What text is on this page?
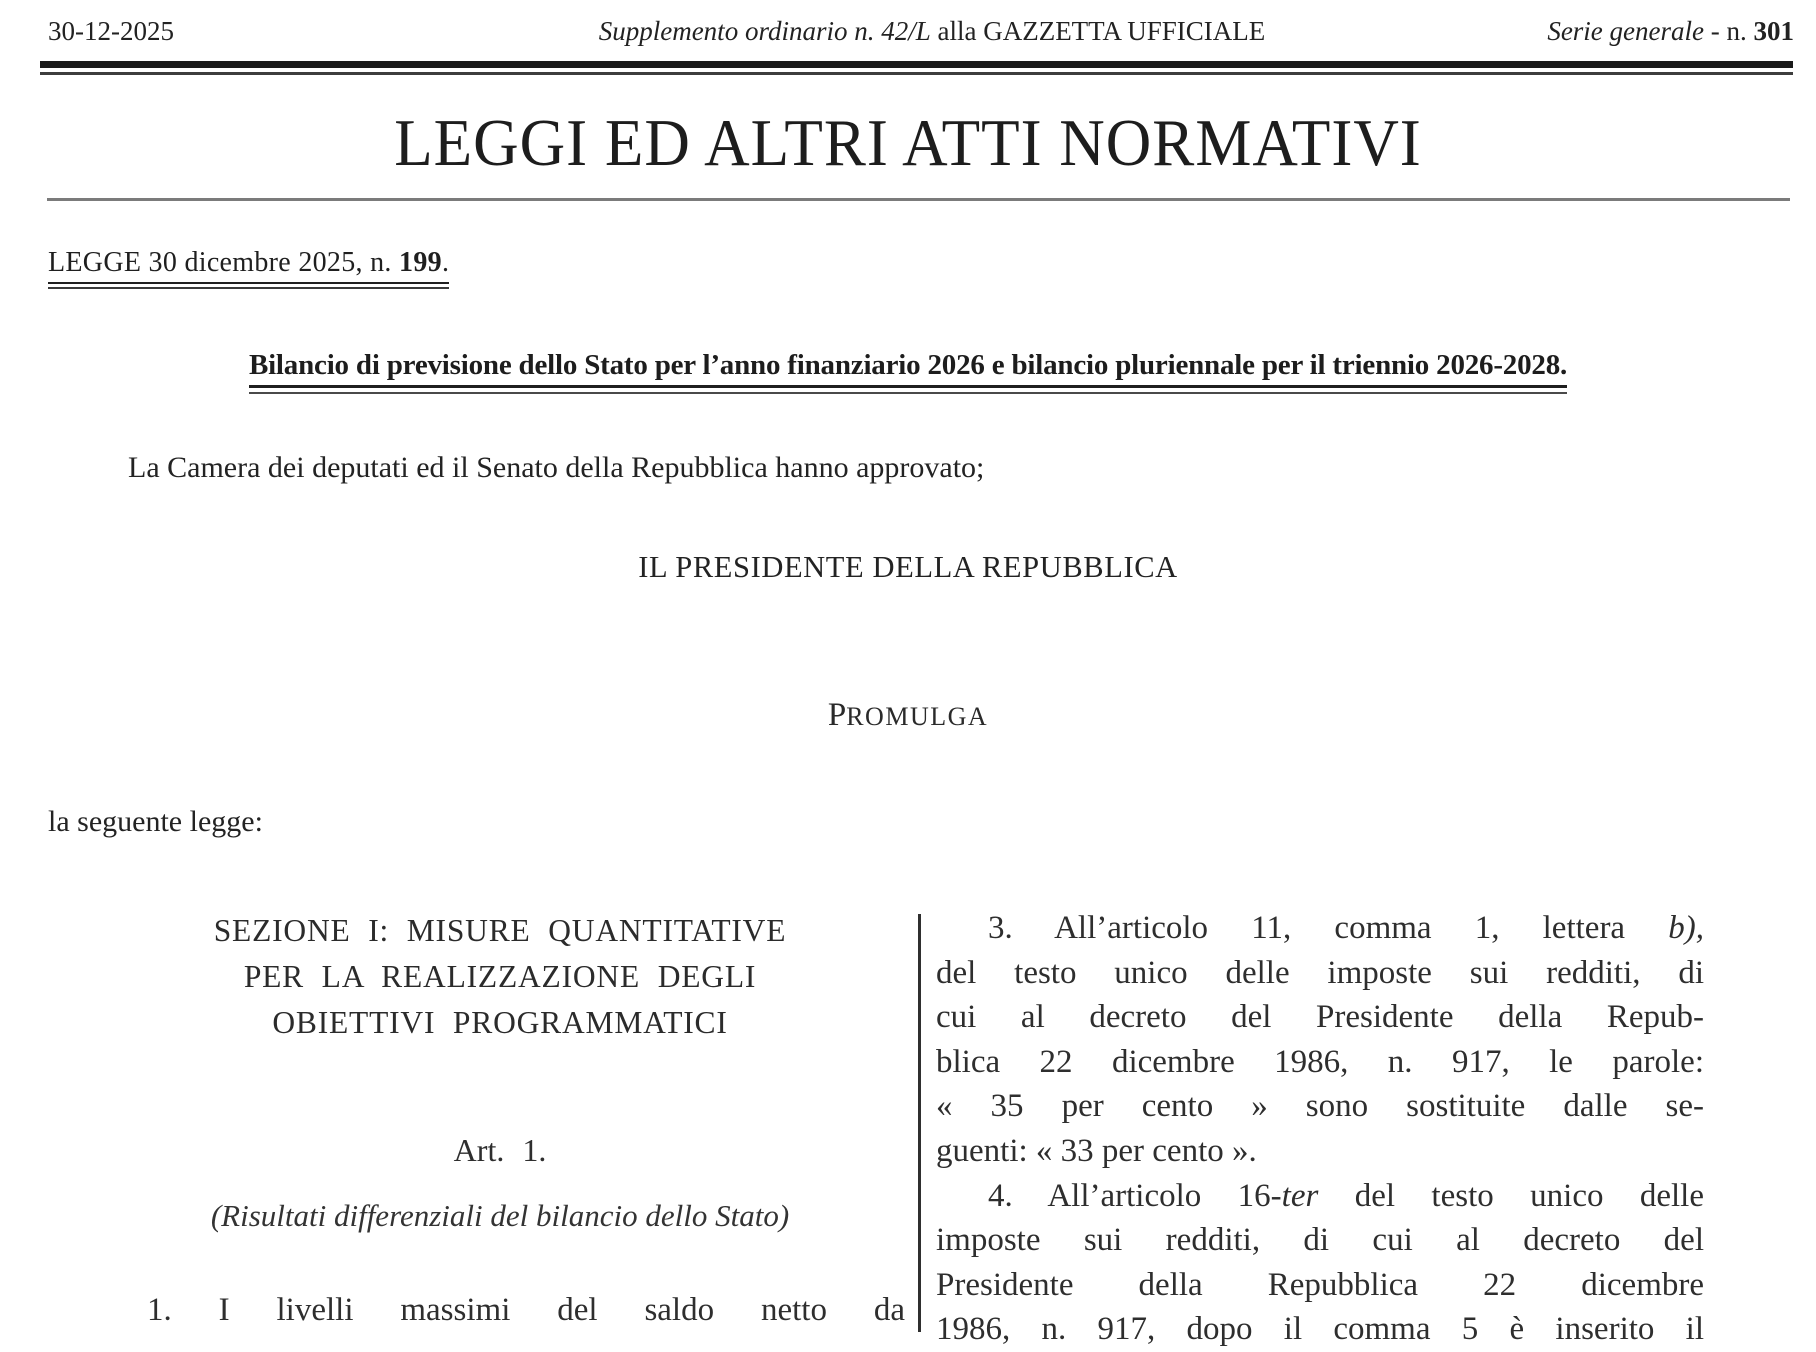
30-12-2025	Supplemento ordinario n. 42/L alla GAZZETTA UFFICIALE	Serie generale - n. 301
LEGGI ED ALTRI ATTI NORMATIVI
LEGGE 30 dicembre 2025, n. 199.
Bilancio di previsione dello Stato per l’anno finanziario 2026 e bilancio pluriennale per il triennio 2026-2028.

La Camera dei deputati ed il Senato della Repubblica hanno approvato;

IL PRESIDENTE DELLA REPUBBLICA

PROMULGA

la seguente legge:

SEZIONE I: MISURE QUANTITATIVE
PER LA REALIZZAZIONE DEGLI
OBIETTIVI PROGRAMMATICI
Art. 1.
(Risultati differenziali del bilancio dello Stato)
1. I livelli massimi del saldo netto da
3. All’articolo 11, comma 1, lettera b),
del testo unico delle imposte sui redditi, di
cui al decreto del Presidente della Repub-
blica 22 dicembre 1986, n. 917, le parole:
« 35 per cento » sono sostituite dalle se-
guenti: « 33 per cento ».
4. All’articolo 16-ter del testo unico delle
imposte sui redditi, di cui al decreto del
Presidente della Repubblica 22 dicembre
1986, n. 917, dopo il comma 5 è inserito il
